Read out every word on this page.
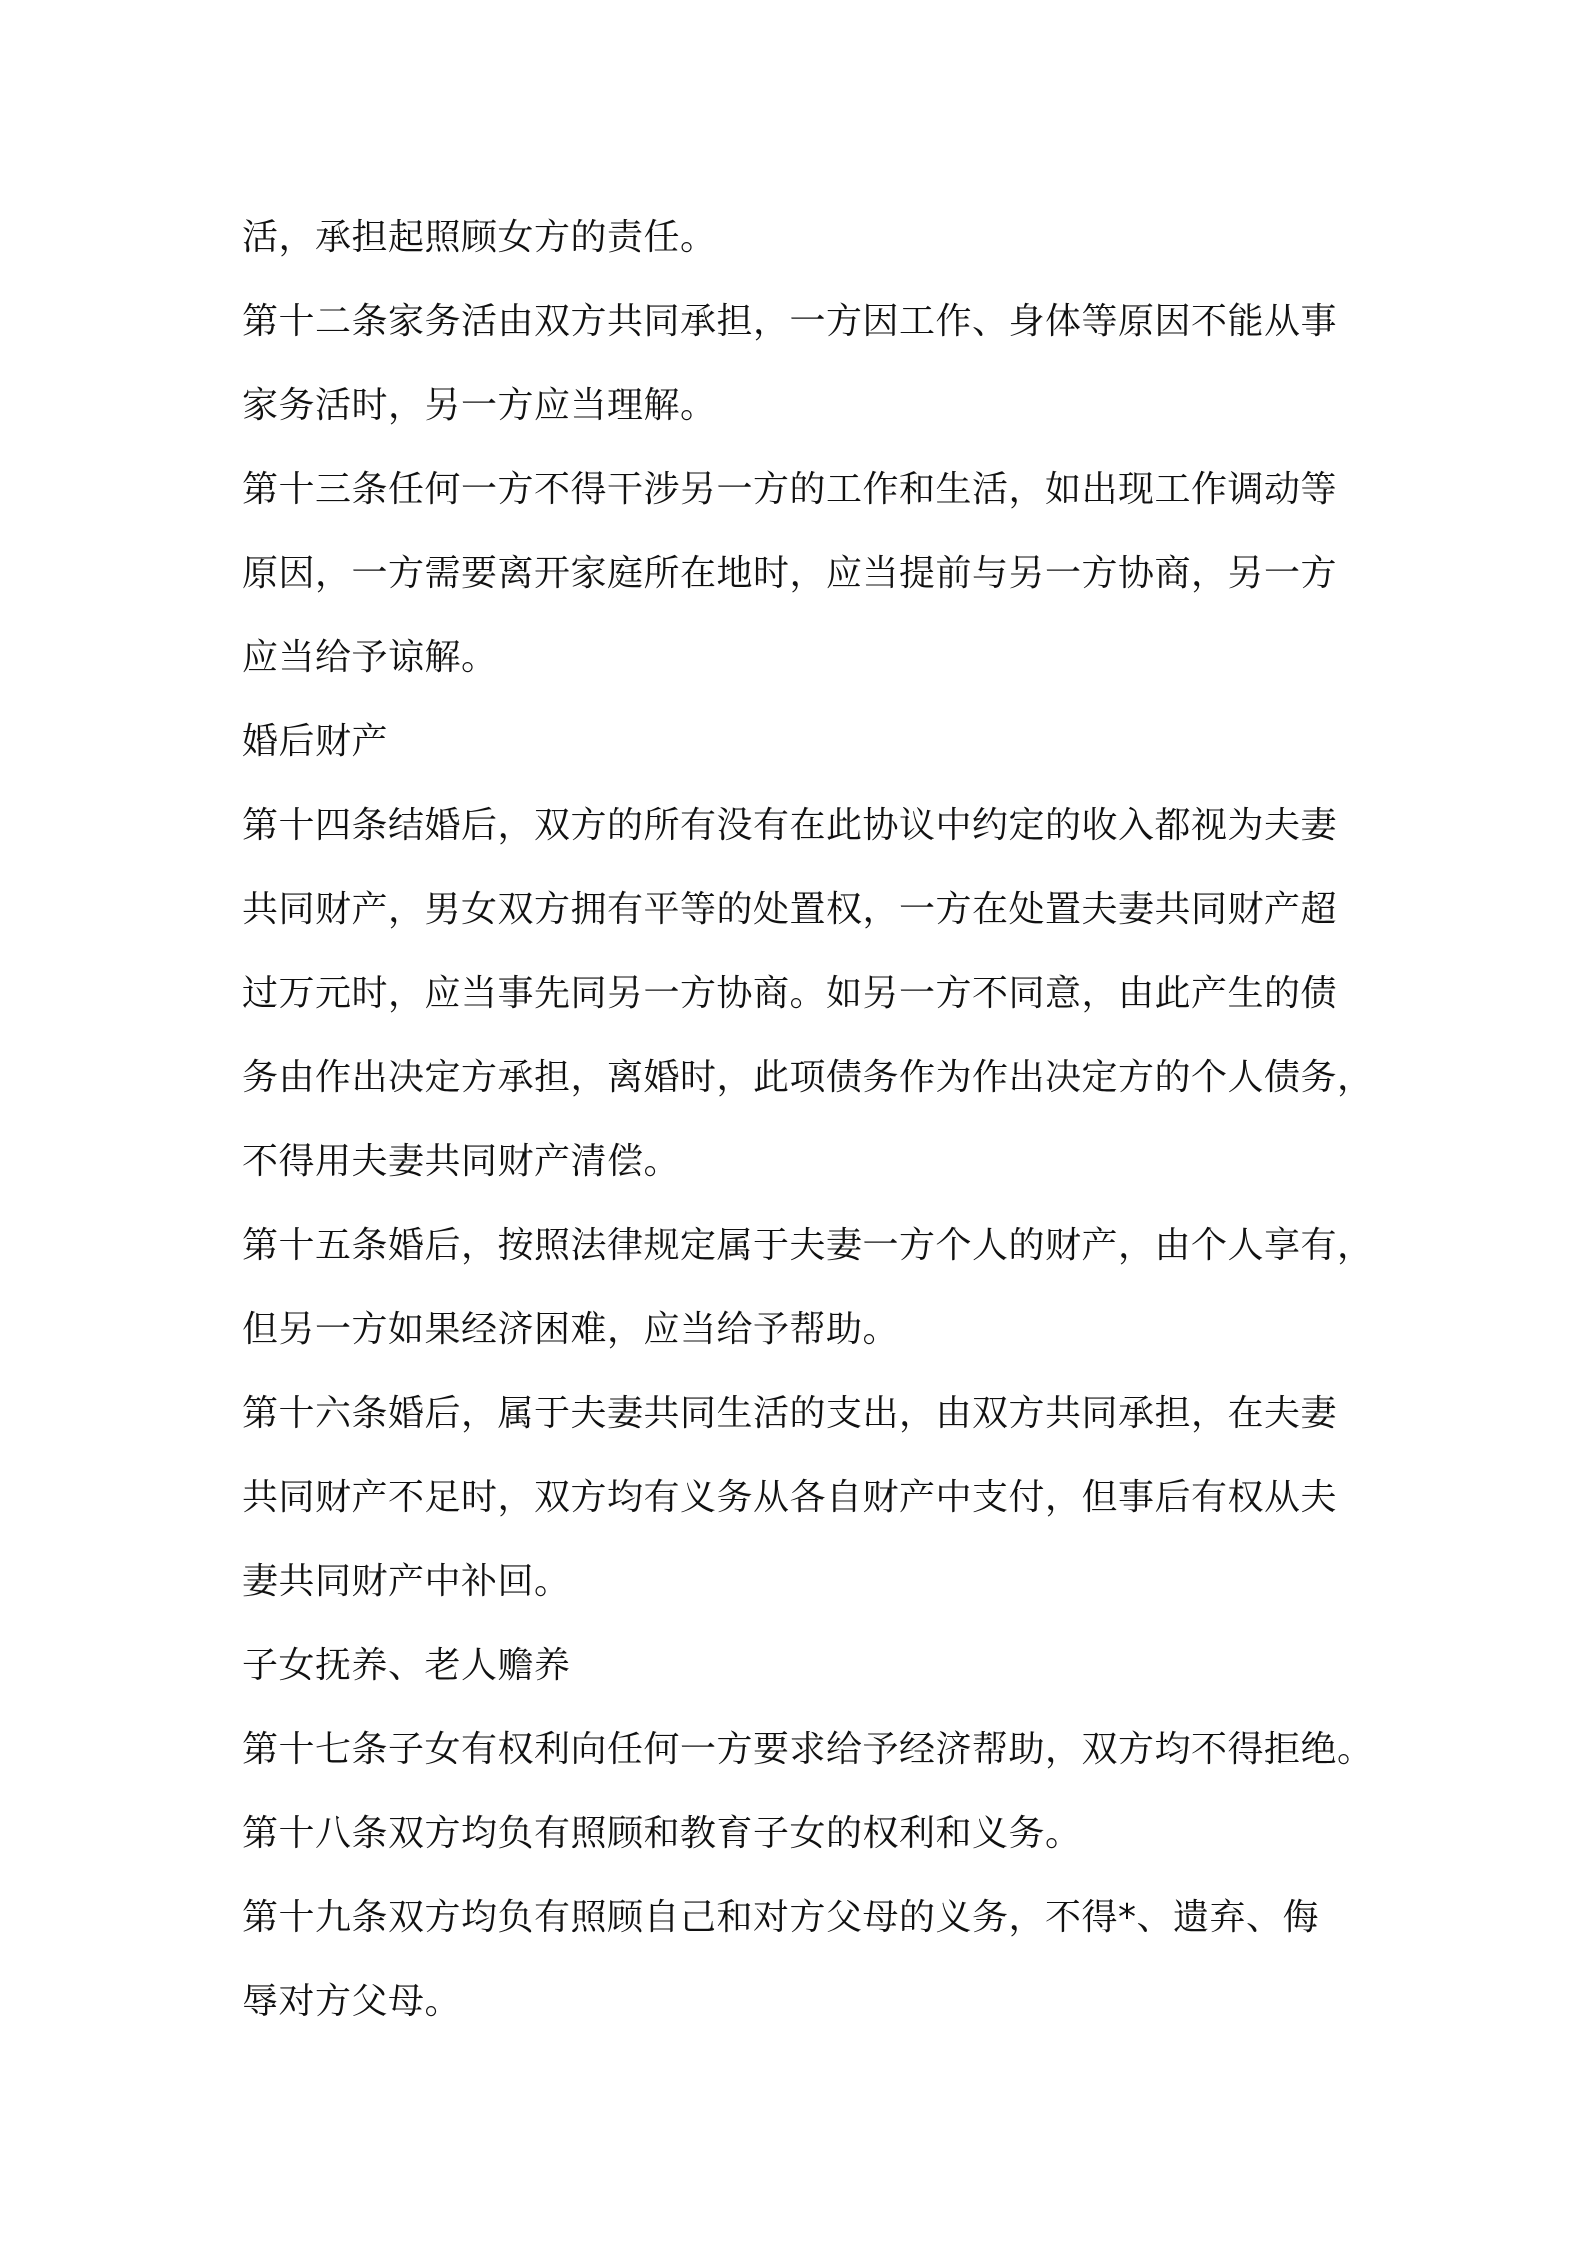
活，承担起照顾女方的责任。
第十二条家务活由双方共同承担，一方因工作、身体等原因不能从事
家务活时，另一方应当理解。
第十三条任何一方不得干涉另一方的工作和生活，如出现工作调动等
原因，一方需要离开家庭所在地时，应当提前与另一方协商，另一方
应当给予谅解。
婚后财产
第十四条结婚后，双方的所有没有在此协议中约定的收入都视为夫妻
共同财产，男女双方拥有平等的处置权，一方在处置夫妻共同财产超
过万元时，应当事先同另一方协商。如另一方不同意，由此产生的债
务由作出决定方承担，离婚时，此项债务作为作出决定方的个人债务，
不得用夫妻共同财产清偿。
第十五条婚后，按照法律规定属于夫妻一方个人的财产，由个人享有，
但另一方如果经济困难，应当给予帮助。
第十六条婚后，属于夫妻共同生活的支出，由双方共同承担，在夫妻
共同财产不足时，双方均有义务从各自财产中支付，但事后有权从夫
妻共同财产中补回。
子女抚养、老人赡养
第十七条子女有权利向任何一方要求给予经济帮助，双方均不得拒绝。
第十八条双方均负有照顾和教育子女的权利和义务。
第十九条双方均负有照顾自己和对方父母的义务，不得*、遗弃、侮
辱对方父母。
